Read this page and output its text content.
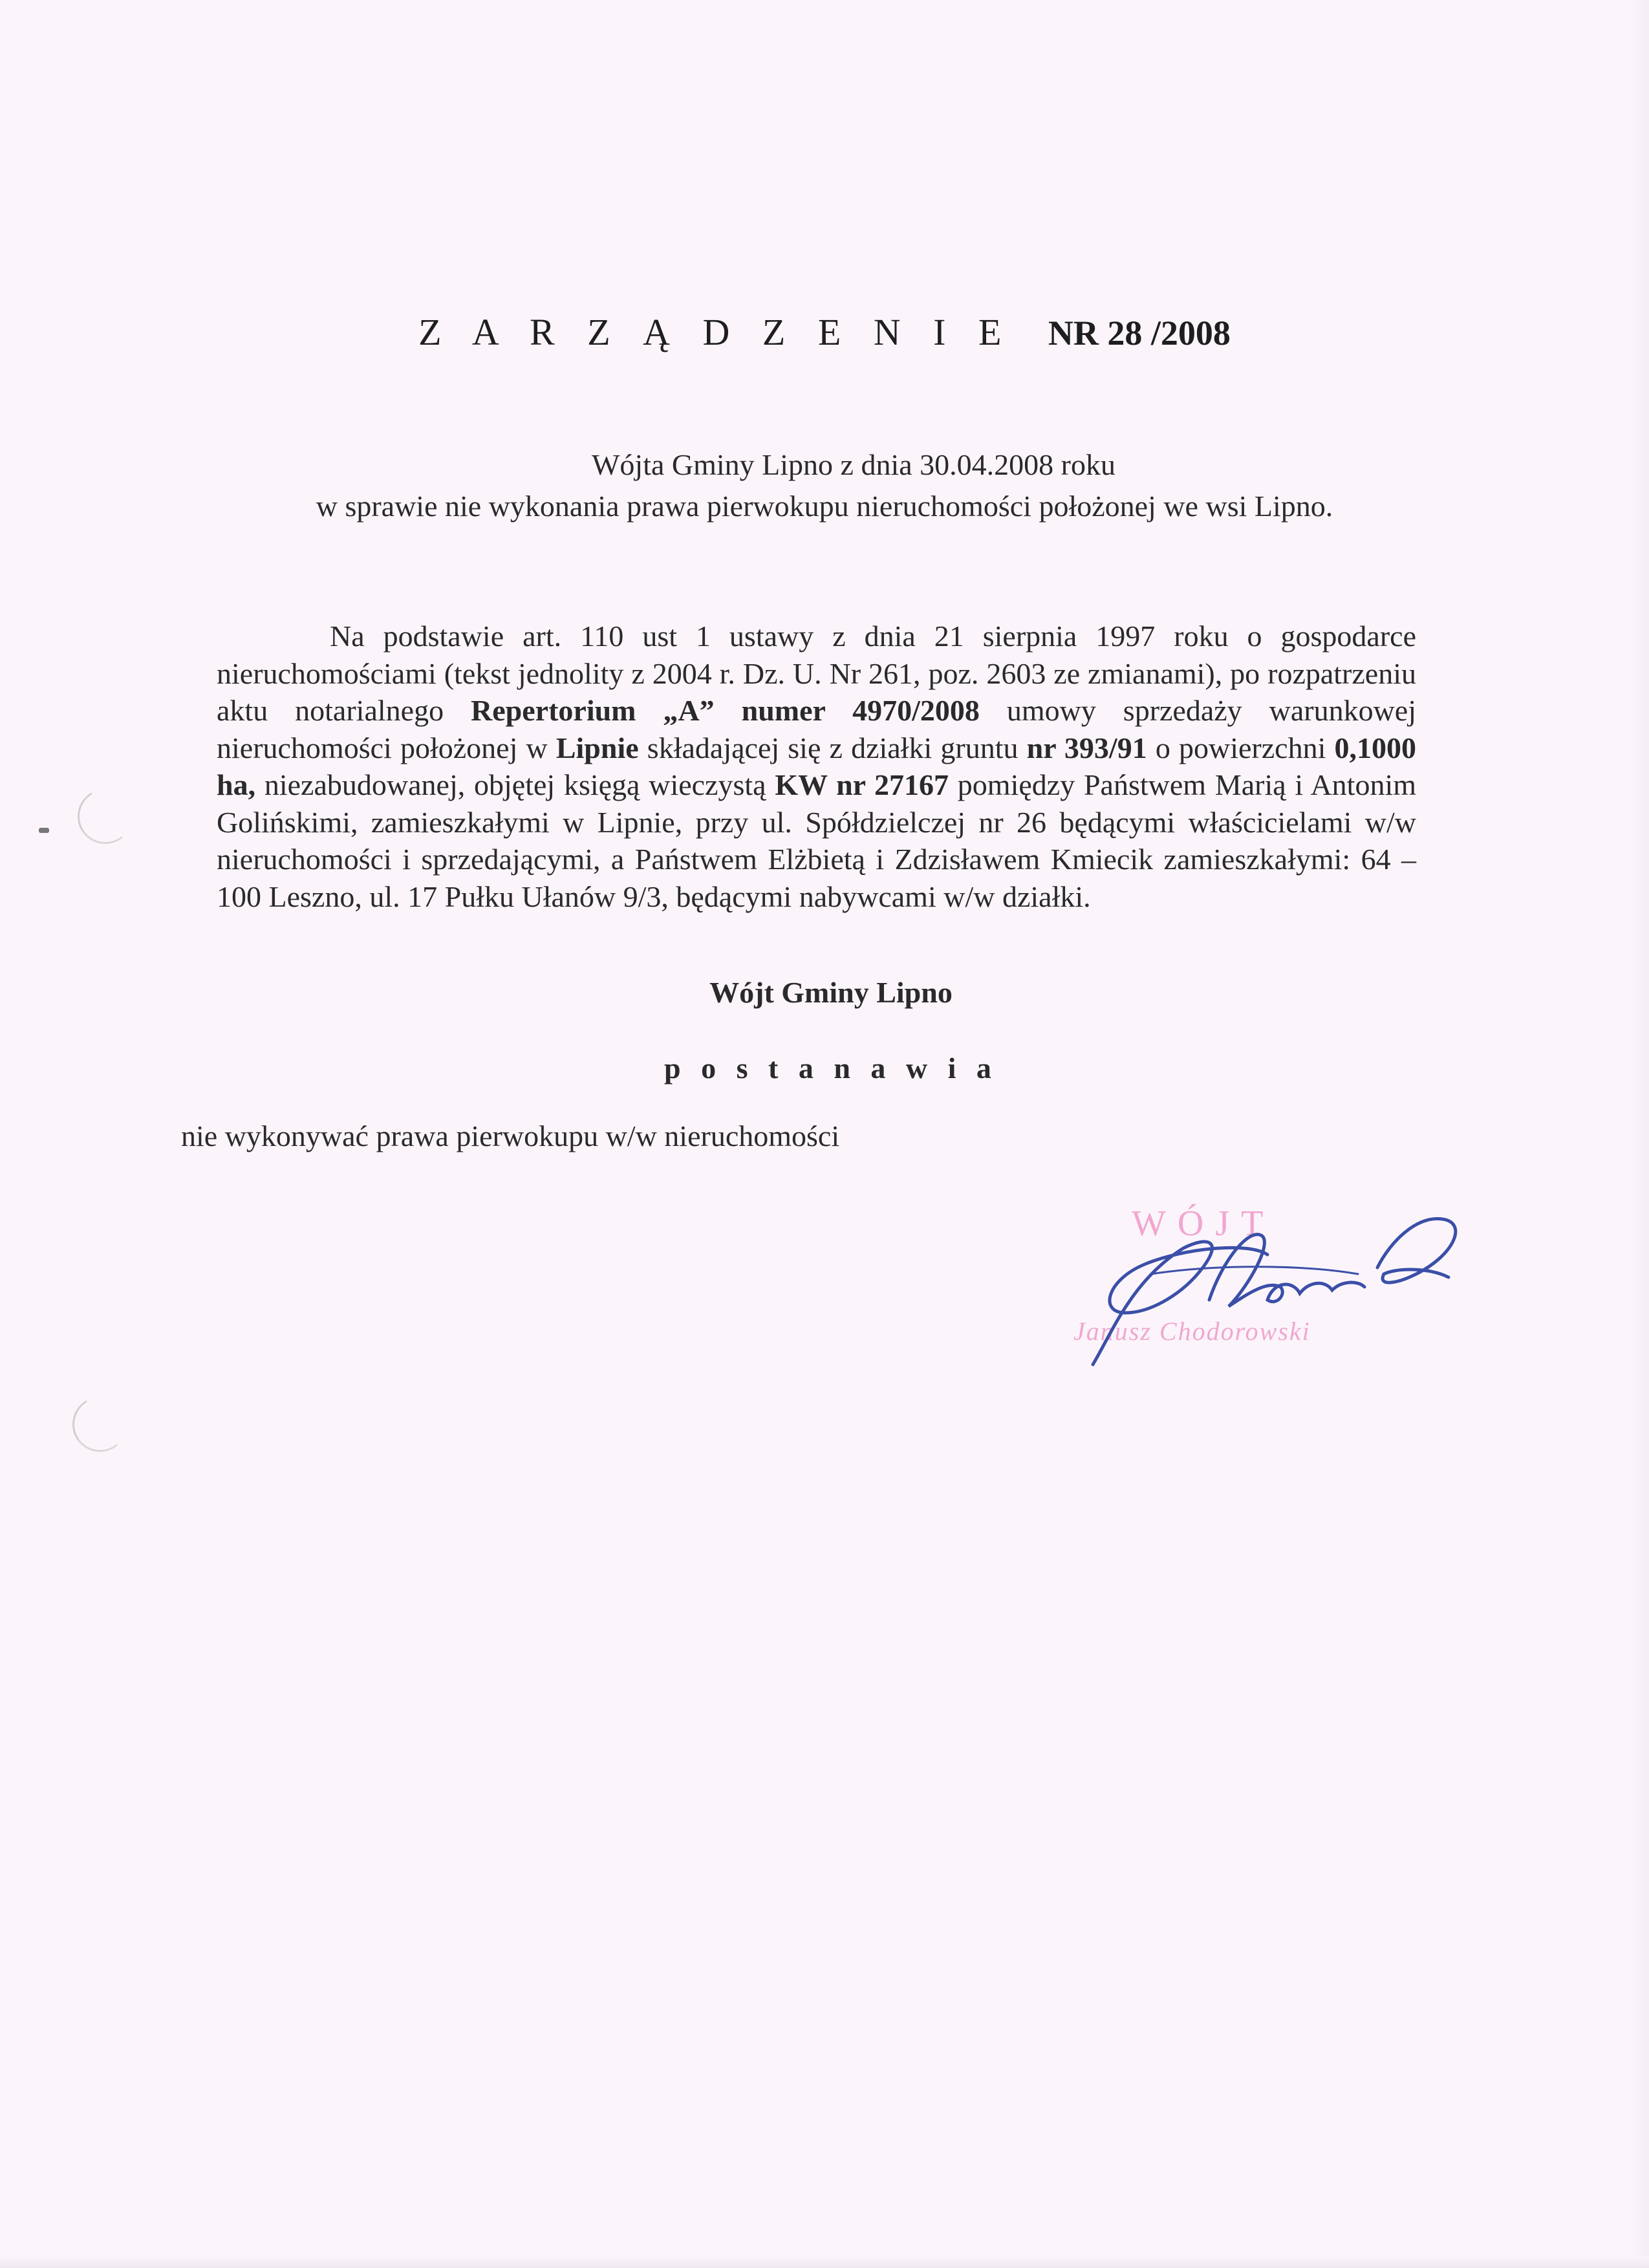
Z A R Z Ą D Z E N I E NR 28 /2008
Wójta Gminy Lipno z dnia 30.04.2008 roku
w sprawie nie wykonania prawa pierwokupu nieruchomości położonej we wsi Lipno.
Na podstawie art. 110 ust 1 ustawy z dnia 21 sierpnia 1997 roku o gospodarce nieruchomościami (tekst jednolity z 2004 r. Dz. U. Nr 261, poz. 2603 ze zmianami), po rozpatrzeniu aktu notarialnego Repertorium „A” numer 4970/2008 umowy sprzedaży warunkowej nieruchomości położonej w Lipnie składającej się z działki gruntu nr 393/91 o powierzchni 0,1000 ha, niezabudowanej, objętej księgą wieczystą KW nr 27167 pomiędzy Państwem Marią i Antonim Golińskimi, zamieszkałymi w Lipnie, przy ul. Spółdzielczej nr 26 będącymi właścicielami w/w nieruchomości i sprzedającymi, a Państwem Elżbietą i Zdzisławem Kmiecik zamieszkałymi: 64 – 100 Leszno, ul. 17 Pułku Ułanów 9/3, będącymi nabywcami w/w działki.
Wójt Gminy Lipno
p o s t a n a w i a
nie wykonywać prawa pierwokupu w/w nieruchomości
WÓJT
Janusz Chodorowski
